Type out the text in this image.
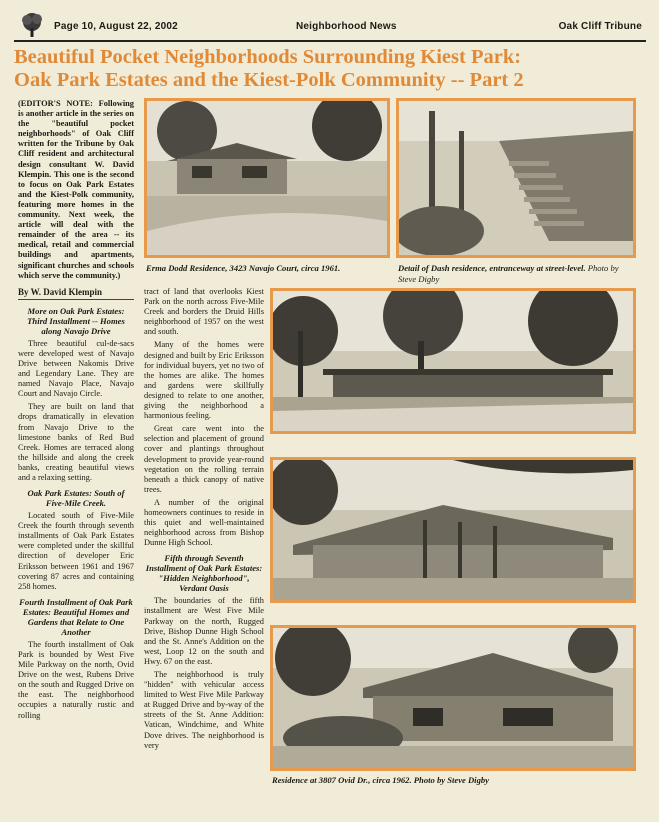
Page 10, August 22, 2002	Neighborhood News	Oak Cliff Tribune
Beautiful Pocket Neighborhoods Surrounding Kiest Park:
Oak Park Estates and the Kiest-Polk Community -- Part 2

(EDITOR'S NOTE: Following is another article in the series on the "beautiful pocket neighborhoods" of Oak Cliff written for the Tribune by Oak Cliff resident and architectural design consultant W. David Klempin. This one is the second to focus on Oak Park Estates and the Kiest-Polk community, featuring more homes in the community. Next week, the article will deal with the remainder of the area -- its medical, retail and commercial buildings and apartments, significant churches and schools which serve the community.)

By W. David Klempin

More on Oak Park Estates: Third Installment -- Homes along Navajo Drive

Three beautiful cul-de-sacs were developed west of Navajo Drive between Nakomis Drive and Legendary Lane. They are named Navajo Place, Navajo Court and Navajo Circle.

They are built on land that drops dramatically in elevation from Navajo Drive to the limestone banks of Red Bud Creek. Homes are terraced along the hillside and along the creek banks, creating beautiful views and a relaxing setting.

Oak Park Estates: South of Five-Mile Creek.

Located south of Five-Mile Creek the fourth through seventh installments of Oak Park Estates were completed under the skillful direction of developer Eric Eriksson between 1961 and 1967 covering 87 acres and containing 258 homes.

Fourth Installment of Oak Park Estates: Beautiful Homes and Gardens that Relate to One Another

The fourth installment of Oak Park is bounded by West Five Mile Parkway on the north, Ovid Drive on the west, Rubens Drive on the south and Rugged Drive on the east. The neighborhood occupies a naturally rustic and rolling

tract of land that overlooks Kiest Park on the north across Five-Mile Creek and borders the Druid Hills neighborhood of 1957 on the west and south.

Many of the homes were designed and built by Eric Eriksson for individual buyers, yet no two of the homes are alike. The homes and gardens were skillfully designed to relate to one another, giving the neighborhood a harmonious feeling.

Great care went into the selection and placement of ground cover and plantings throughout development to provide year-round vegetation on the rolling terrain beneath a thick canopy of native trees.

A number of the original homeowners continues to reside in this quiet and well-maintained neighborhood across from Bishop Dunne High School.

Fifth through Seventh Installment of Oak Park Estates: "Hidden Neighborhood", Verdant Oasis

The boundaries of the fifth installment are West Five Mile Parkway on the north, Rugged Drive, Bishop Dunne High School and the St. Anne's Addition on the west, Loop 12 on the south and Hwy. 67 on the east.

The neighborhood is truly "hidden" with vehicular access limited to West Five Mile Parkway at Rugged Drive and by-way of the streets of the St. Anne Addition: Vatican, Windchime, and White Dove drives. The neighborhood is very

Erma Dodd Residence, 3423 Navajo Court, circa 1961.	Detail of Dash residence, entranceway at street-level. Photo by Steve Digby
Residence at 3807 Ovid Dr., circa 1962. Photo by Steve Digby
